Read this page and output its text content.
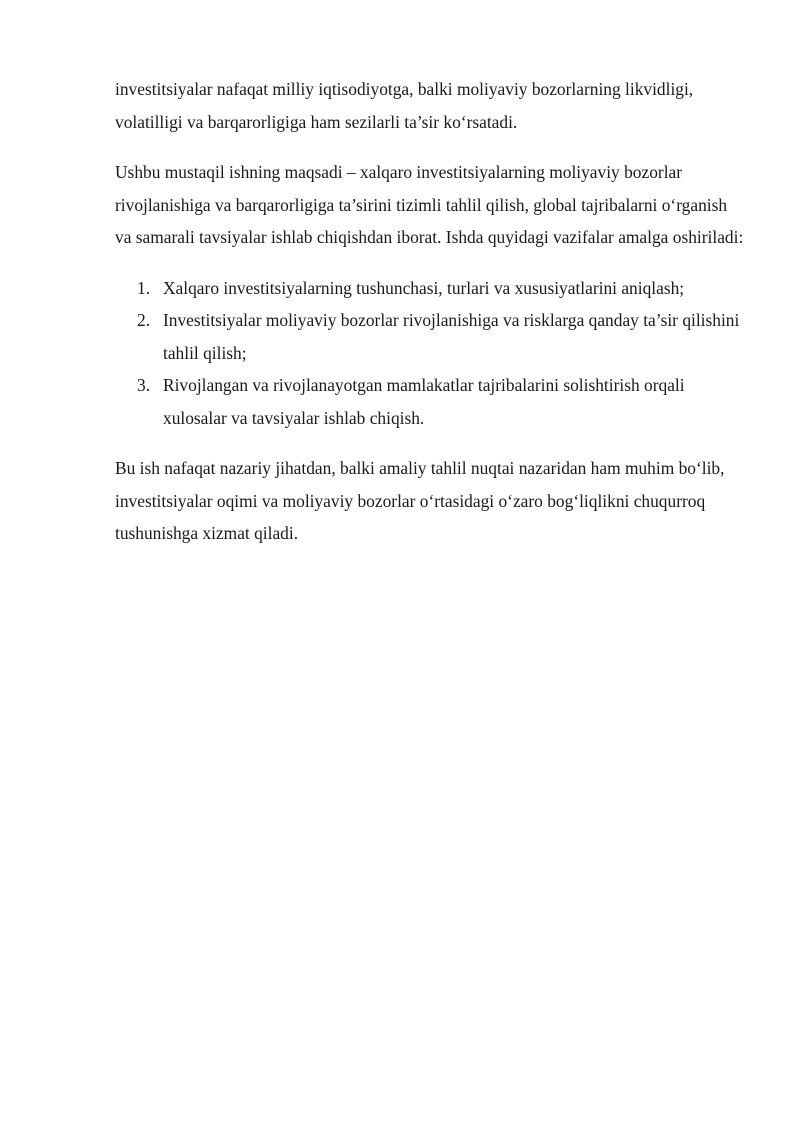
investitsiyalar nafaqat milliy iqtisodiyotga, balki moliyaviy bozorlarning likvidligi, volatilligi va barqarorligiga ham sezilarli ta’sir ko‘rsatadi.

Ushbu mustaqil ishning maqsadi – xalqaro investitsiyalarning moliyaviy bozorlar rivojlanishiga va barqarorligiga ta’sirini tizimli tahlil qilish, global tajribalarni o‘rganish va samarali tavsiyalar ishlab chiqishdan iborat. Ishda quyidagi vazifalar amalga oshiriladi:

1. Xalqaro investitsiyalarning tushunchasi, turlari va xususiyatlarini aniqlash;
2. Investitsiyalar moliyaviy bozorlar rivojlanishiga va risklarga qanday ta’sir qilishini tahlil qilish;
3. Rivojlangan va rivojlanayotgan mamlakatlar tajribalarini solishtirish orqali xulosalar va tavsiyalar ishlab chiqish.

Bu ish nafaqat nazariy jihatdan, balki amaliy tahlil nuqtai nazaridan ham muhim bo‘lib, investitsiyalar oqimi va moliyaviy bozorlar o‘rtasidagi o‘zaro bog‘liqlikni chuqurroq tushunishga xizmat qiladi.
